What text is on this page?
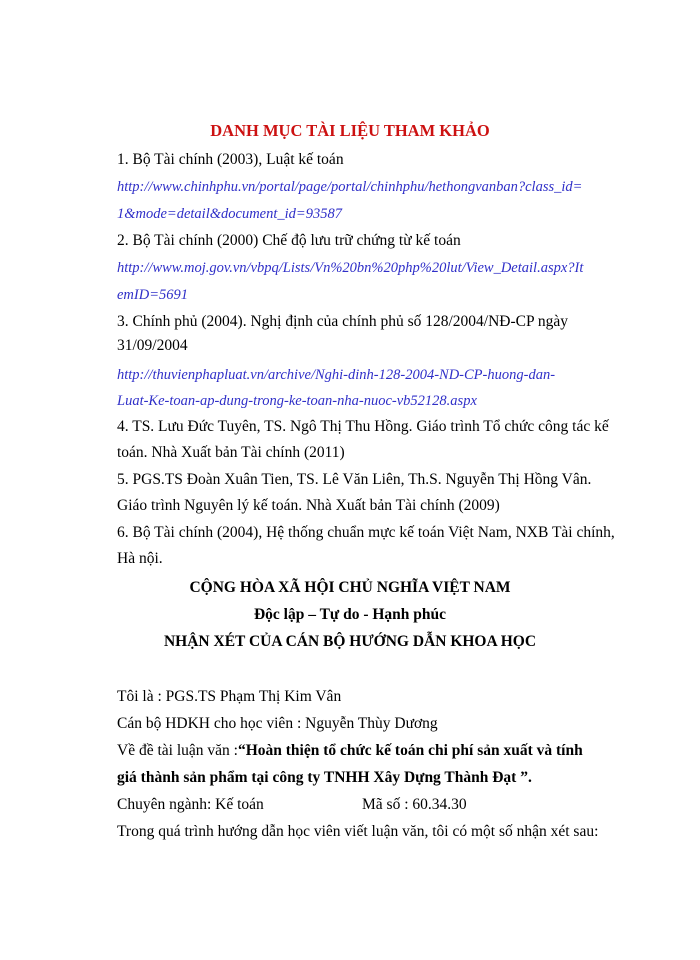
DANH MỤC TÀI LIỆU THAM KHẢO
1. Bộ Tài chính (2003), Luật kế toán
http://www.chinhphu.vn/portal/page/portal/chinhphu/hethongvanban?class_id=
1&mode=detail&document_id=93587
2. Bộ Tài chính (2000) Chế độ lưu trữ chứng từ kế toán
http://www.moj.gov.vn/vbpq/Lists/Vn%20bn%20php%20lut/View_Detail.aspx?It
emID=5691
3. Chính phủ (2004). Nghị định của chính phủ số 128/2004/NĐ-CP ngày
31/09/2004
http://thuvienphapluat.vn/archive/Nghi-dinh-128-2004-ND-CP-huong-dan-
Luat-Ke-toan-ap-dung-trong-ke-toan-nha-nuoc-vb52128.aspx
4. TS. Lưu Đức Tuyên, TS. Ngô Thị Thu Hồng. Giáo trình Tổ chức công tác kế
toán. Nhà Xuất bản Tài chính (2011)
5. PGS.TS Đoàn Xuân Tien, TS. Lê Văn Liên, Th.S. Nguyễn Thị Hồng Vân.
Giáo trình Nguyên lý kế toán. Nhà Xuất bản Tài chính (2009)
6. Bộ Tài chính (2004), Hệ thống chuẩn mực kế toán Việt Nam, NXB Tài chính,
Hà nội.
CỘNG HÒA XÃ HỘI CHỦ NGHĨA VIỆT NAM
Độc lập – Tự do - Hạnh phúc
NHẬN XÉT CỦA CÁN BỘ HƯỚNG DẪN KHOA HỌC
Tôi là : PGS.TS Phạm Thị Kim Vân
Cán bộ HDKH cho học viên : Nguyễn Thùy Dương
Về đề tài luận văn :“Hoàn thiện tổ chức kế toán chi phí sản xuất và tính
giá thành sản phẩm tại công ty TNHH Xây Dựng Thành Đạt ”.
Chuyên ngành: Kế toán	Mã số : 60.34.30
Trong quá trình hướng dẫn học viên viết luận văn, tôi có một số nhận xét sau:
